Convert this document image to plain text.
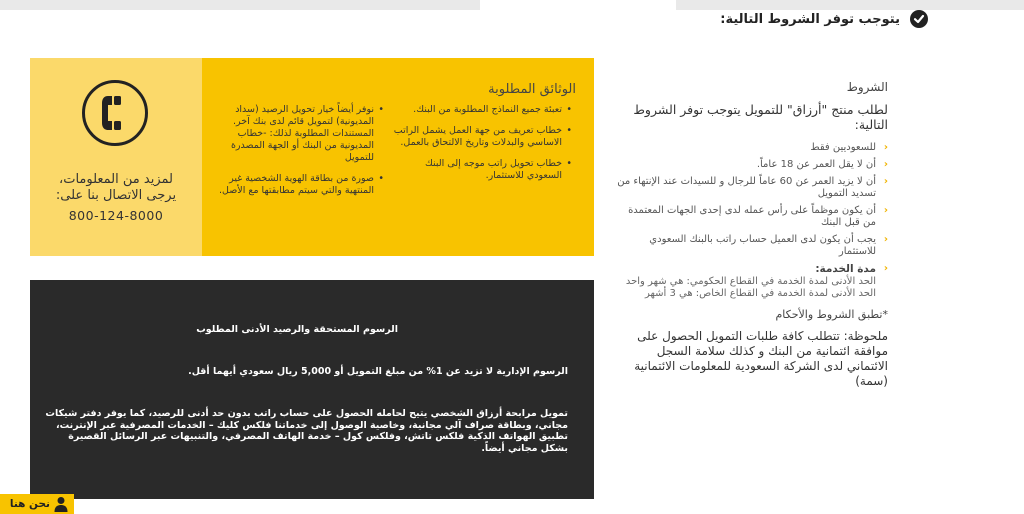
يتوجب توفر الشروط التالية:
لمزيد من المعلومات،
يرجى الاتصال بنا على:
800-124-8000
الوثائق المطلوبة
• تعبئة جميع النماذج المطلوبة من البنك.
• خطاب تعريف من جهة العمل يشمل الراتب الاساسي والبدلات وتاريخ الالتحاق بالعمل.
• خطاب تحويل راتب موجه إلى البنك السعودي للاستثمار.
• نوفر أيضاً خيار تحويل الرصيد (سداد المديونية) لتمويل قائم لدى بنك آخر. المستندات المطلوبة لذلك: -خطاب المديونية من البنك أو الجهة المصدرة للتمويل
• صورة من بطاقة الهوية الشخصية غير المنتهية والتي سيتم مطابقتها مع الأصل.
الرسوم المستحقة والرصيد الأدنى المطلوب
الرسوم الإدارية لا تزيد عن 1% من مبلغ التمويل أو 5,000 ريال سعودي أيهما أقل.
تمويل مرابحة أرزاق الشخصي يتيح لحامله الحصول على حساب راتب بدون حد أدنى للرصيد، كما يوفر دفتر شيكات مجاني، وبطاقة صراف آلي مجانية، وخاصية الوصول إلى خدماتنا فلكس كليك – الخدمات المصرفية عبر الإنترنت، تطبيق الهواتف الذكية فلكس تاتش، وفلكس كول – خدمة الهاتف المصرفي، والتنبيهات عبر الرسائل القصيرة بشكل مجاني أيضاً.
الشروط
لطلب منتج "أرزاق" للتمويل يتوجب توفر الشروط التالية:
‹
للسعوديين فقط
‹
أن لا يقل العمر عن 18 عاماً.
‹
أن لا يزيد العمر عن 60 عاماً للرجال و للسيدات عند الإنتهاء من تسديد التمويل
‹
أن يكون موظماً على رأس عمله لدى إحدى الجهات المعتمدة من قبل البنك
‹
يجب أن يكون لدى العميل حساب راتب بالبنك السعودي للاستثمار
‹
مدة الخدمة:
الحد الأدنى لمدة الخدمة في القطاع الحكومي: هي شهر واحد
الحد الأدنى لمدة الخدمة في القطاع الخاص: هي 3 أشهر
*تطبق الشروط والأحكام
ملحوظة: تتطلب كافة طلبات التمويل الحصول على موافقة ائتمانية من البنك و كذلك سلامة السجل الائتماني لدى الشركة السعودية للمعلومات الائتمانية (سمة)
نحن هنا
